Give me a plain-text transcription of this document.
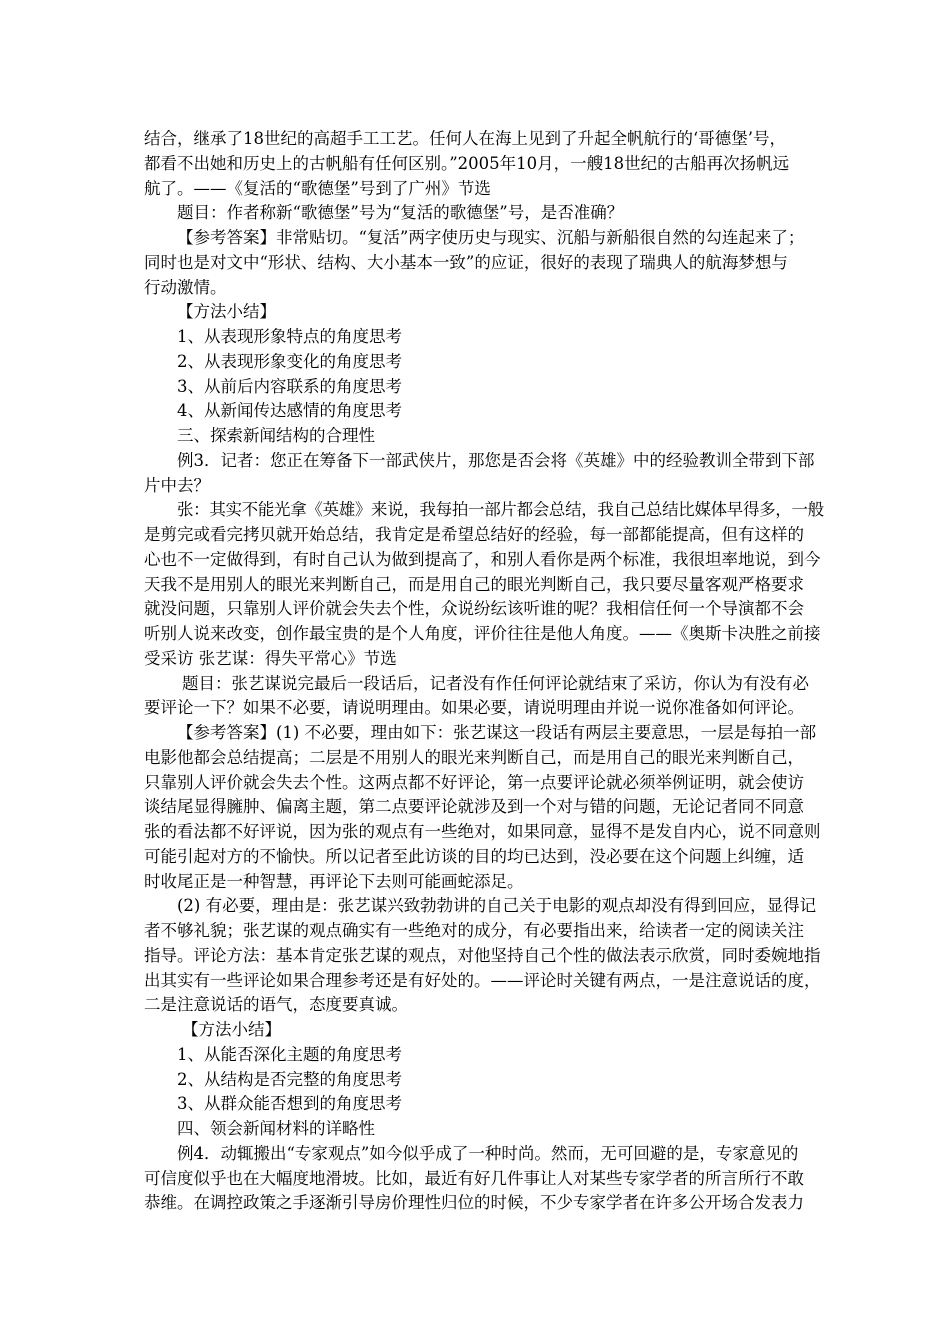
结合，继承了18世纪的高超手工工艺。任何人在海上见到了升起全帆航行的‘哥德堡’号，
都看不出她和历史上的古帆船有任何区别。”2005年10月，一艘18世纪的古船再次扬帆远
航了。——《复活的“歌德堡”号到了广州》节选
题目：作者称新“歌德堡”号为“复活的歌德堡”号，是否准确？
【参考答案】非常贴切。“复活”两字使历史与现实、沉船与新船很自然的勾连起来了；
同时也是对文中“形状、结构、大小基本一致”的应证，很好的表现了瑞典人的航海梦想与
行动激情。
【方法小结】
1、从表现形象特点的角度思考
2、从表现形象变化的角度思考
3、从前后内容联系的角度思考
4、从新闻传达感情的角度思考
三、探索新闻结构的合理性
例3．记者：您正在筹备下一部武侠片，那您是否会将《英雄》中的经验教训全带到下部
片中去？
张：其实不能光拿《英雄》来说，我每拍一部片都会总结，我自己总结比媒体早得多，一般
是剪完或看完拷贝就开始总结，我肯定是希望总结好的经验，每一部都能提高，但有这样的
心也不一定做得到，有时自己认为做到提高了，和别人看你是两个标准，我很坦率地说，到今
天我不是用别人的眼光来判断自己，而是用自己的眼光判断自己，我只要尽量客观严格要求
就没问题，只靠别人评价就会失去个性，众说纷纭该听谁的呢？我相信任何一个导演都不会
听别人说来改变，创作最宝贵的是个人角度，评价往往是他人角度。——《奥斯卡决胜之前接
受采访 张艺谋：得失平常心》节选
题目：张艺谋说完最后一段话后，记者没有作任何评论就结束了采访，你认为有没有必
要评论一下？如果不必要，请说明理由。如果必要，请说明理由并说一说你准备如何评论。
【参考答案】(1) 不必要，理由如下：张艺谋这一段话有两层主要意思，一层是每拍一部
电影他都会总结提高；二层是不用别人的眼光来判断自己，而是用自己的眼光来判断自己，
只靠别人评价就会失去个性。这两点都不好评论，第一点要评论就必须举例证明，就会使访
谈结尾显得臃肿、偏离主题，第二点要评论就涉及到一个对与错的问题，无论记者同不同意
张的看法都不好评说，因为张的观点有一些绝对，如果同意，显得不是发自内心，说不同意则
可能引起对方的不愉快。所以记者至此访谈的目的均已达到，没必要在这个问题上纠缠，适
时收尾正是一种智慧，再评论下去则可能画蛇添足。
(2) 有必要，理由是：张艺谋兴致勃勃讲的自己关于电影的观点却没有得到回应，显得记
者不够礼貌；张艺谋的观点确实有一些绝对的成分，有必要指出来，给读者一定的阅读关注
指导。评论方法：基本肯定张艺谋的观点，对他坚持自己个性的做法表示欣赏，同时委婉地指
出其实有一些评论如果合理参考还是有好处的。——评论时关键有两点，一是注意说话的度，
二是注意说话的语气，态度要真诚。
【方法小结】
1、从能否深化主题的角度思考
2、从结构是否完整的角度思考
3、从群众能否想到的角度思考
四、领会新闻材料的详略性
例4．动辄搬出“专家观点”如今似乎成了一种时尚。然而，无可回避的是，专家意见的
可信度似乎也在大幅度地滑坡。比如，最近有好几件事让人对某些专家学者的所言所行不敢
恭维。在调控政策之手逐渐引导房价理性归位的时候，不少专家学者在许多公开场合发表力
